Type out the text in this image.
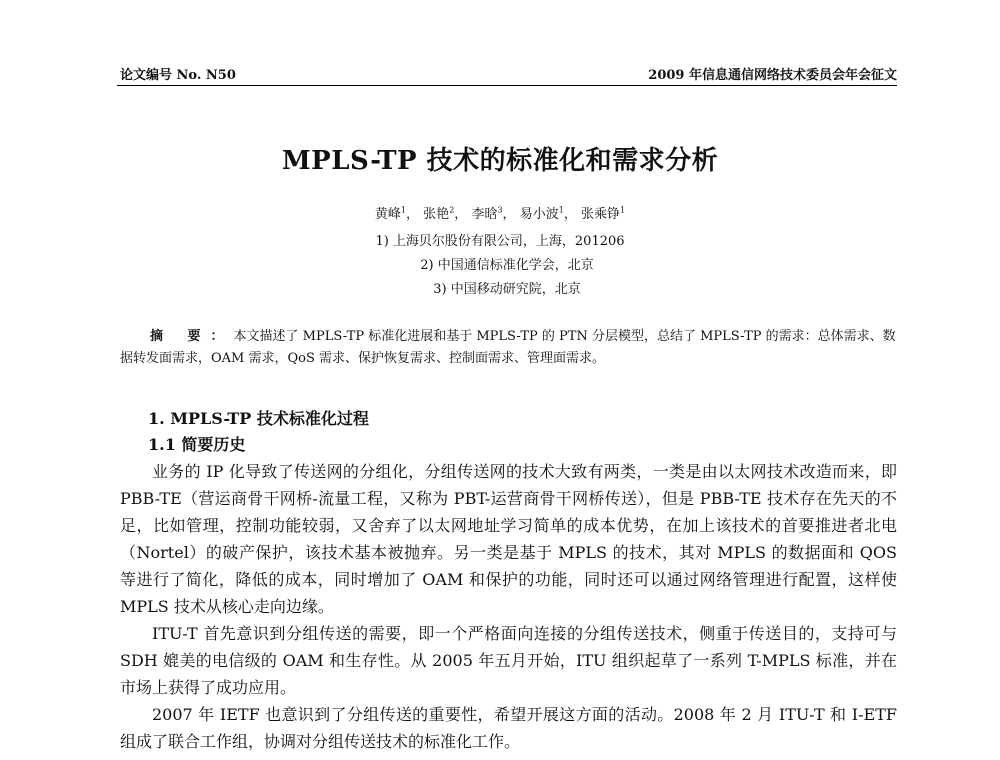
论文编号 No. N50	2009 年信息通信网络技术委员会年会征文
MPLS-TP 技术的标准化和需求分析
黄峰$^1$， 张艳$^2$， 李晗$^3$， 易小波$^1$， 张乘铮$^1$
1) 上海贝尔股份有限公司，上海，201206
2) 中国通信标准化学会，北京
3) 中国移动研究院，北京
摘 要：本文描述了 MPLS-TP 标准化进展和基于 MPLS-TP 的 PTN 分层模型，总结了 MPLS-TP 的需求：总体需求、数据转发面需求，OAM 需求，QoS 需求、保护恢复需求、控制面需求、管理面需求。
1. MPLS-TP 技术标准化过程
1.1 简要历史

业务的 IP 化导致了传送网的分组化，分组传送网的技术大致有两类，一类是由以太网技术改造而来，即 PBB-TE（营运商骨干网桥-流量工程，又称为 PBT-运营商骨干网桥传送），但是 PBB-TE 技术存在先天的不足，比如管理，控制功能较弱，又舍弃了以太网地址学习简单的成本优势，在加上该技术的首要推进者北电（Nortel）的破产保护，该技术基本被抛弃。另一类是基于 MPLS 的技术，其对 MPLS 的数据面和 QOS 等进行了简化，降低的成本，同时增加了 OAM 和保护的功能，同时还可以通过网络管理进行配置，这样使 MPLS 技术从核心走向边缘。

ITU-T 首先意识到分组传送的需要，即一个严格面向连接的分组传送技术，侧重于传送目的，支持可与 SDH 媲美的电信级的 OAM 和生存性。从 2005 年五月开始，ITU 组织起草了一系列 T-MPLS 标准，并在市场上获得了成功应用。

2007 年 IETF 也意识到了分组传送的重要性，希望开展这方面的活动。2008 年 2 月 ITU-T 和 I-ETF 组成了联合工作组，协调对分组传送技术的标准化工作。
